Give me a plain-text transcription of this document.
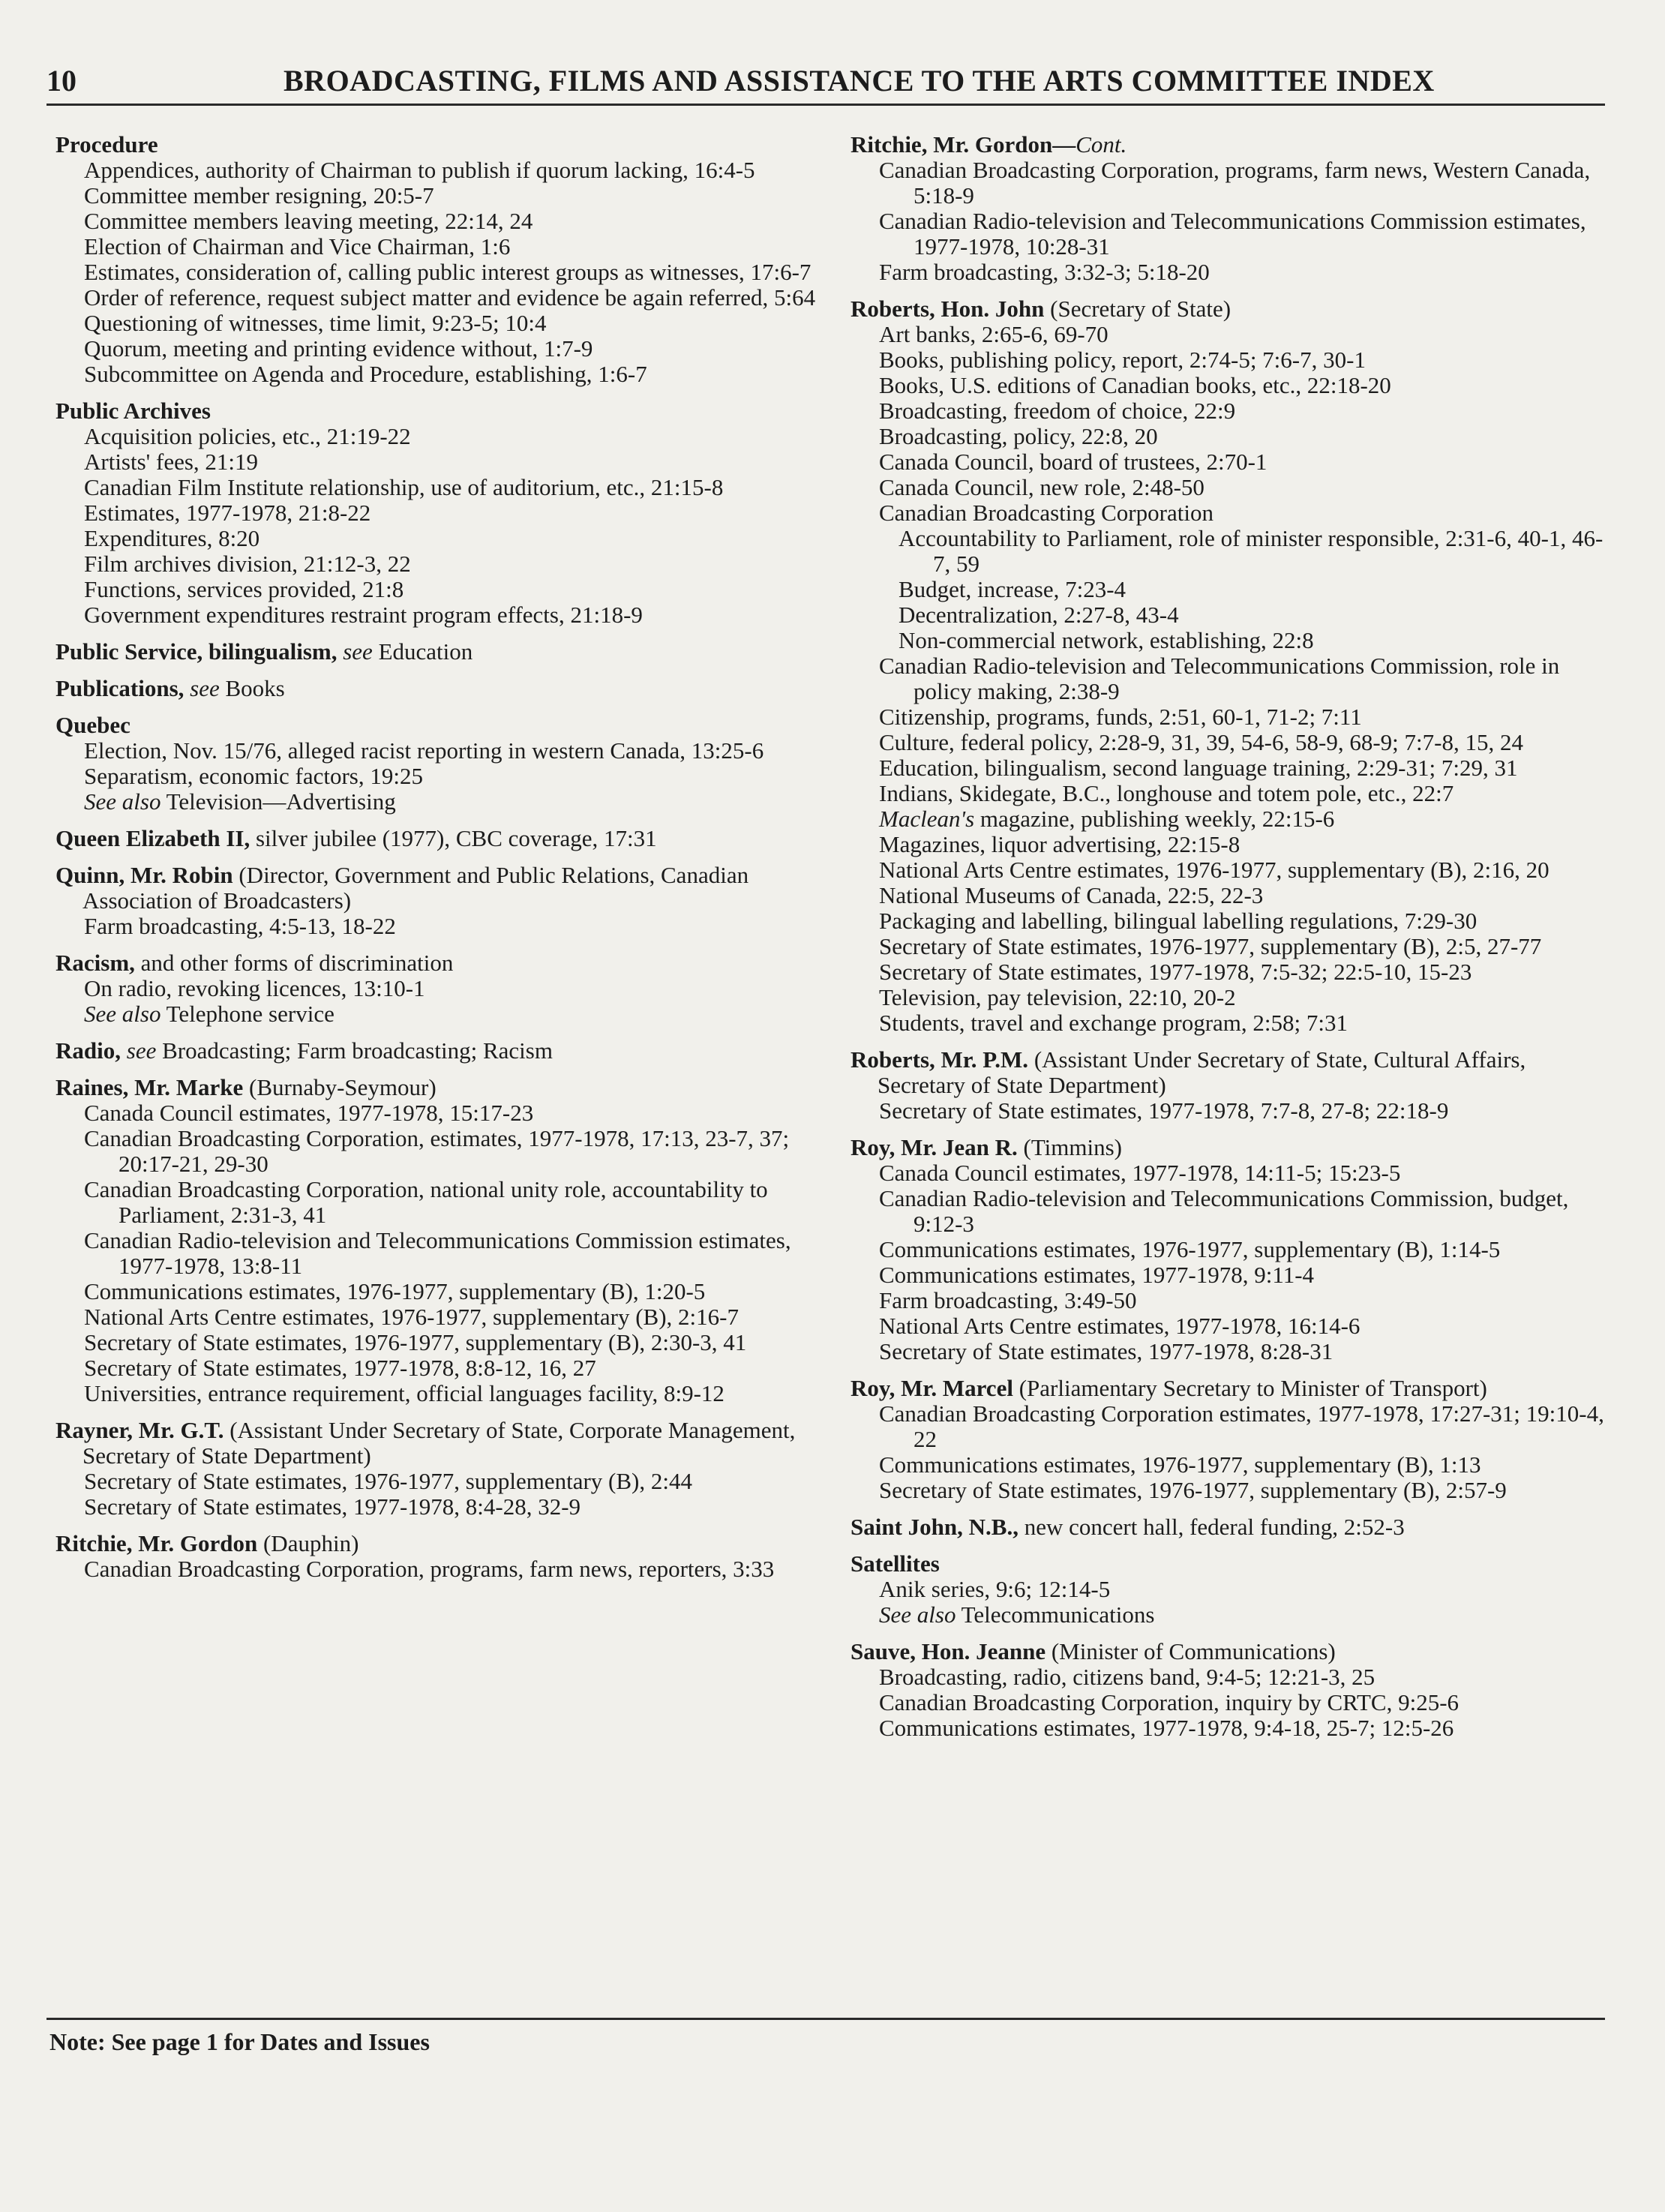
10	BROADCASTING, FILMS AND ASSISTANCE TO THE ARTS COMMITTEE INDEX
Procedure
Appendices, authority of Chairman to publish if quorum lacking, 16:4-5
Committee member resigning, 20:5-7
Committee members leaving meeting, 22:14, 24
Election of Chairman and Vice Chairman, 1:6
Estimates, consideration of, calling public interest groups as witnesses, 17:6-7
Order of reference, request subject matter and evidence be again referred, 5:64
Questioning of witnesses, time limit, 9:23-5; 10:4
Quorum, meeting and printing evidence without, 1:7-9
Subcommittee on Agenda and Procedure, establishing, 1:6-7
Public Archives
Acquisition policies, etc., 21:19-22
Artists' fees, 21:19
Canadian Film Institute relationship, use of auditorium, etc., 21:15-8
Estimates, 1977-1978, 21:8-22
Expenditures, 8:20
Film archives division, 21:12-3, 22
Functions, services provided, 21:8
Government expenditures restraint program effects, 21:18-9
Public Service, bilingualism, see Education
Publications, see Books
Quebec
Election, Nov. 15/76, alleged racist reporting in western Canada, 13:25-6
Separatism, economic factors, 19:25
See also Television—Advertising
Queen Elizabeth II, silver jubilee (1977), CBC coverage, 17:31
Quinn, Mr. Robin (Director, Government and Public Relations, Canadian Association of Broadcasters)
Farm broadcasting, 4:5-13, 18-22
Racism, and other forms of discrimination
On radio, revoking licences, 13:10-1
See also Telephone service
Radio, see Broadcasting; Farm broadcasting; Racism
Raines, Mr. Marke (Burnaby-Seymour)
Canada Council estimates, 1977-1978, 15:17-23
Canadian Broadcasting Corporation, estimates, 1977-1978, 17:13, 23-7, 37; 20:17-21, 29-30
Canadian Broadcasting Corporation, national unity role, accountability to Parliament, 2:31-3, 41
Canadian Radio-television and Telecommunications Commission estimates, 1977-1978, 13:8-11
Communications estimates, 1976-1977, supplementary (B), 1:20-5
National Arts Centre estimates, 1976-1977, supplementary (B), 2:16-7
Secretary of State estimates, 1976-1977, supplementary (B), 2:30-3, 41
Secretary of State estimates, 1977-1978, 8:8-12, 16, 27
Universities, entrance requirement, official languages facility, 8:9-12
Rayner, Mr. G.T. (Assistant Under Secretary of State, Corporate Management, Secretary of State Department)
Secretary of State estimates, 1976-1977, supplementary (B), 2:44
Secretary of State estimates, 1977-1978, 8:4-28, 32-9
Ritchie, Mr. Gordon (Dauphin)
Canadian Broadcasting Corporation, programs, farm news, reporters, 3:33
Ritchie, Mr. Gordon—Cont.
Canadian Broadcasting Corporation, programs, farm news, Western Canada, 5:18-9
Canadian Radio-television and Telecommunications Commission estimates, 1977-1978, 10:28-31
Farm broadcasting, 3:32-3; 5:18-20
Roberts, Hon. John (Secretary of State)
Art banks, 2:65-6, 69-70
Books, publishing policy, report, 2:74-5; 7:6-7, 30-1
Books, U.S. editions of Canadian books, etc., 22:18-20
Broadcasting, freedom of choice, 22:9
Broadcasting, policy, 22:8, 20
Canada Council, board of trustees, 2:70-1
Canada Council, new role, 2:48-50
Canadian Broadcasting Corporation
Accountability to Parliament, role of minister responsible, 2:31-6, 40-1, 46-7, 59
Budget, increase, 7:23-4
Decentralization, 2:27-8, 43-4
Non-commercial network, establishing, 22:8
Canadian Radio-television and Telecommunications Commission, role in policy making, 2:38-9
Citizenship, programs, funds, 2:51, 60-1, 71-2; 7:11
Culture, federal policy, 2:28-9, 31, 39, 54-6, 58-9, 68-9; 7:7-8, 15, 24
Education, bilingualism, second language training, 2:29-31; 7:29, 31
Indians, Skidegate, B.C., longhouse and totem pole, etc., 22:7
Maclean's magazine, publishing weekly, 22:15-6
Magazines, liquor advertising, 22:15-8
National Arts Centre estimates, 1976-1977, supplementary (B), 2:16, 20
National Museums of Canada, 22:5, 22-3
Packaging and labelling, bilingual labelling regulations, 7:29-30
Secretary of State estimates, 1976-1977, supplementary (B), 2:5, 27-77
Secretary of State estimates, 1977-1978, 7:5-32; 22:5-10, 15-23
Television, pay television, 22:10, 20-2
Students, travel and exchange program, 2:58; 7:31
Roberts, Mr. P.M. (Assistant Under Secretary of State, Cultural Affairs, Secretary of State Department)
Secretary of State estimates, 1977-1978, 7:7-8, 27-8; 22:18-9
Roy, Mr. Jean R. (Timmins)
Canada Council estimates, 1977-1978, 14:11-5; 15:23-5
Canadian Radio-television and Telecommunications Commission, budget, 9:12-3
Communications estimates, 1976-1977, supplementary (B), 1:14-5
Communications estimates, 1977-1978, 9:11-4
Farm broadcasting, 3:49-50
National Arts Centre estimates, 1977-1978, 16:14-6
Secretary of State estimates, 1977-1978, 8:28-31
Roy, Mr. Marcel (Parliamentary Secretary to Minister of Transport)
Canadian Broadcasting Corporation estimates, 1977-1978, 17:27-31; 19:10-4, 22
Communications estimates, 1976-1977, supplementary (B), 1:13
Secretary of State estimates, 1976-1977, supplementary (B), 2:57-9
Saint John, N.B., new concert hall, federal funding, 2:52-3
Satellites
Anik series, 9:6; 12:14-5
See also Telecommunications
Sauve, Hon. Jeanne (Minister of Communications)
Broadcasting, radio, citizens band, 9:4-5; 12:21-3, 25
Canadian Broadcasting Corporation, inquiry by CRTC, 9:25-6
Communications estimates, 1977-1978, 9:4-18, 25-7; 12:5-26
Note: See page 1 for Dates and Issues
